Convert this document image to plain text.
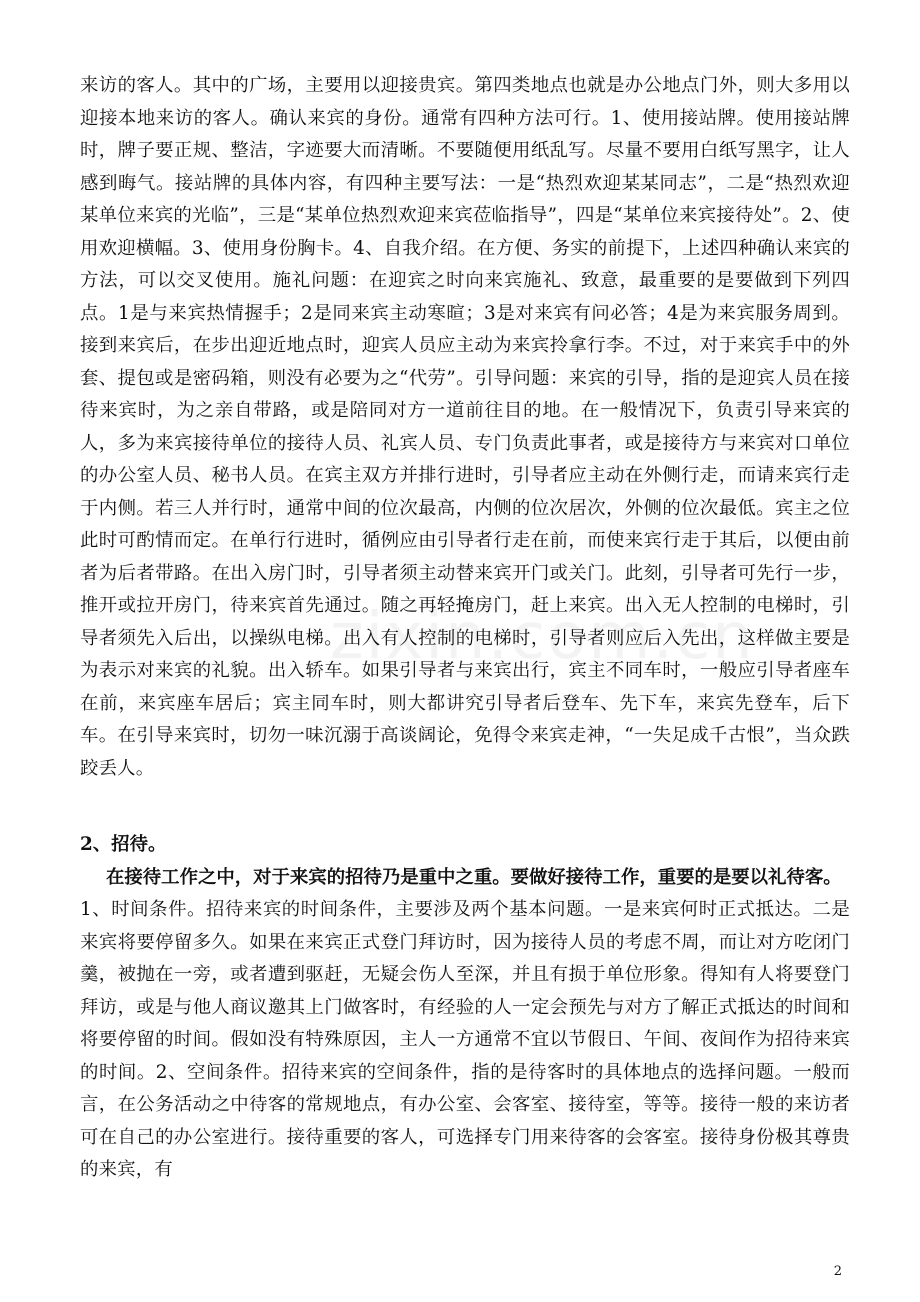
来访的客人。其中的广场，主要用以迎接贵宾。第四类地点也就是办公地点门外，则大多用以迎接本地来访的客人。确认来宾的身份。通常有四种方法可行。1、使用接站牌。使用接站牌时，牌子要正规、整洁，字迹要大而清晰。不要随便用纸乱写。尽量不要用白纸写黑字，让人感到晦气。接站牌的具体内容，有四种主要写法：一是“热烈欢迎某某同志”，二是“热烈欢迎某单位来宾的光临”，三是“某单位热烈欢迎来宾莅临指导”，四是“某单位来宾接待处”。2、使用欢迎横幅。3、使用身份胸卡。4、自我介绍。在方便、务实的前提下，上述四种确认来宾的方法，可以交叉使用。施礼问题：在迎宾之时向来宾施礼、致意，最重要的是要做到下列四点。1是与来宾热情握手；2是同来宾主动寒暄；3是对来宾有问必答；4是为来宾服务周到。接到来宾后，在步出迎近地点时，迎宾人员应主动为来宾拎拿行李。不过，对于来宾手中的外套、提包或是密码箱，则没有必要为之“代劳”。引导问题：来宾的引导，指的是迎宾人员在接待来宾时，为之亲自带路，或是陪同对方一道前往目的地。在一般情况下，负责引导来宾的人，多为来宾接待单位的接待人员、礼宾人员、专门负责此事者，或是接待方与来宾对口单位的办公室人员、秘书人员。在宾主双方并排行进时，引导者应主动在外侧行走，而请来宾行走于内侧。若三人并行时，通常中间的位次最高，内侧的位次居次，外侧的位次最低。宾主之位此时可酌情而定。在单行行进时，循例应由引导者行走在前，而使来宾行走于其后，以便由前者为后者带路。在出入房门时，引导者须主动替来宾开门或关门。此刻，引导者可先行一步，推开或拉开房门，待来宾首先通过。随之再轻掩房门，赶上来宾。出入无人控制的电梯时，引导者须先入后出，以操纵电梯。出入有人控制的电梯时，引导者则应后入先出，这样做主要是为表示对来宾的礼貌。出入轿车。如果引导者与来宾出行，宾主不同车时，一般应引导者座车在前，来宾座车居后；宾主同车时，则大都讲究引导者后登车、先下车，来宾先登车，后下车。在引导来宾时，切勿一味沉溺于高谈阔论，免得令来宾走神，“一失足成千古恨”，当众跌跤丢人。

2、招待。

在接待工作之中，对于来宾的招待乃是重中之重。要做好接待工作，重要的是要以礼待客。

1、时间条件。招待来宾的时间条件，主要涉及两个基本问题。一是来宾何时正式抵达。二是来宾将要停留多久。如果在来宾正式登门拜访时，因为接待人员的考虑不周，而让对方吃闭门羹，被抛在一旁，或者遭到驱赶，无疑会伤人至深，并且有损于单位形象。得知有人将要登门拜访，或是与他人商议邀其上门做客时，有经验的人一定会预先与对方了解正式抵达的时间和将要停留的时间。假如没有特殊原因，主人一方通常不宜以节假日、午间、夜间作为招待来宾的时间。2、空间条件。招待来宾的空间条件，指的是待客时的具体地点的选择问题。一般而言，在公务活动之中待客的常规地点，有办公室、会客室、接待室，等等。接待一般的来访者可在自己的办公室进行。接待重要的客人，可选择专门用来待客的会客室。接待身份极其尊贵的来宾，有

2
